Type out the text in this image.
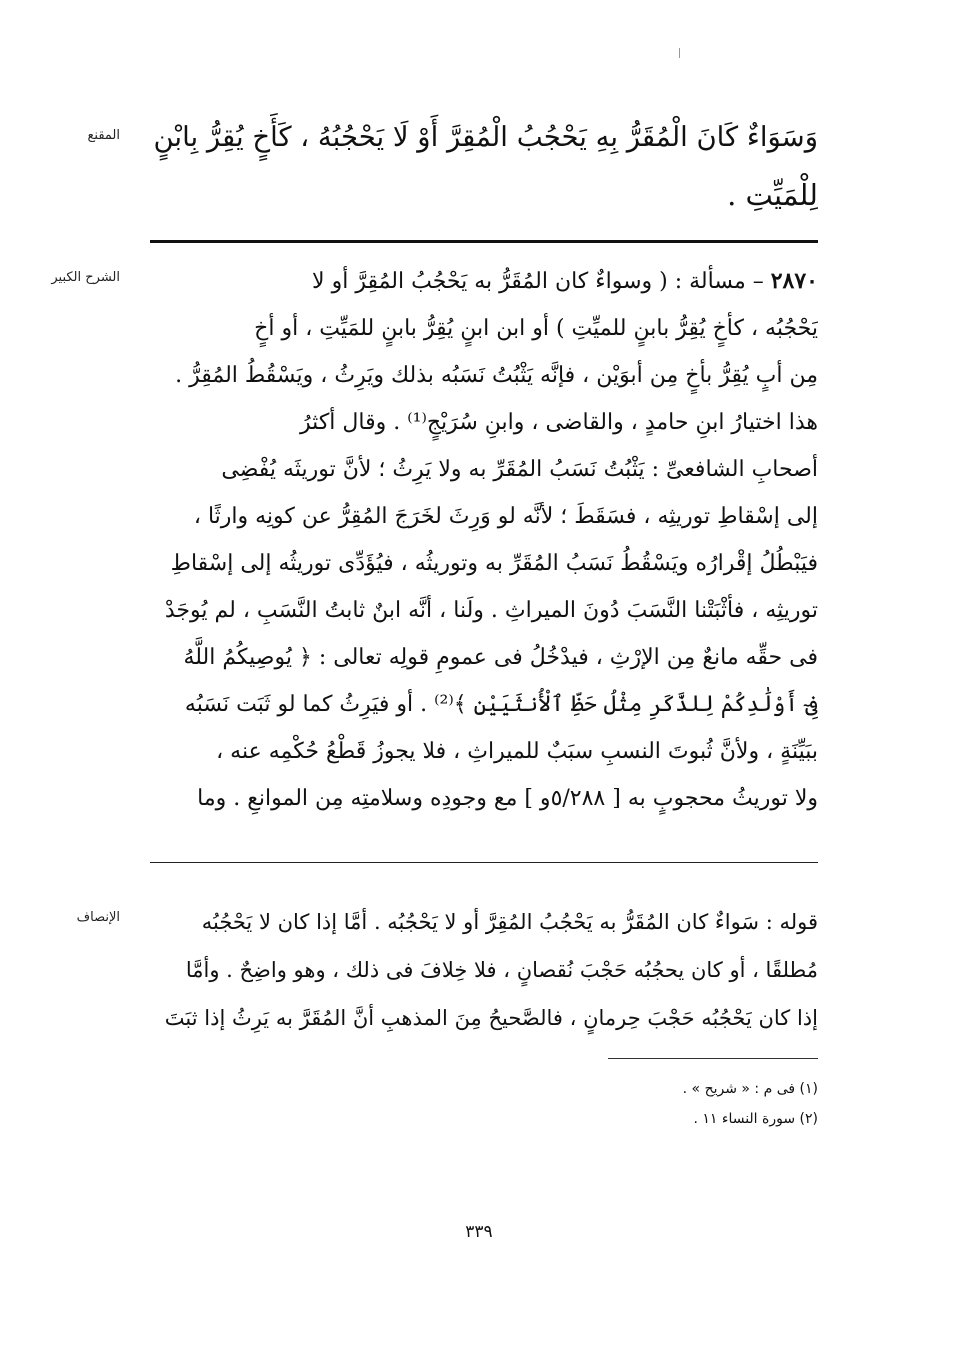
المقنع وَسَوَاءٌ كَانَ الْمُقَرُّ بِهِ يَحْجُبُ الْمُقِرَّ أَوْ لَا يَحْجُبُهُ ، كَأَخٍ يُقِرُّ بِابْنٍ
لِلْمَيِّتِ .
الشرح الكبير	٢٨٧٠ – مسألة : ( وسواءٌ كان المُقَرُّ به يَحْجُبُ المُقِرَّ أو لا
يَحْجُبُه ، كأخٍ يُقِرُّ بابنٍ للميِّتِ ) أو ابن ابنٍ يُقِرُّ بابنٍ للمَيِّتِ ، أو أخٍ
مِن أبٍ يُقِرُّ بأخٍ مِن أبوَيْن ، فإنَّه يَثْبُتُ نَسَبُه بذلك ويَرِثُ ، ويَسْقُطُ المُقِرُّ .
هذا اختيارُ ابنِ حامدٍ ، والقاضى ، وابنِ سُرَيْجٍ⁽¹⁾ . وقال أكثرُ
أصحابِ الشافعىِّ : يَثْبُتُ نَسَبُ المُقَرِّ به ولا يَرِثُ ؛ لأنَّ توريثَه يُفْضِى
إلى إسْقاطِ توريثِه ، فسَقَطَ ؛ لأنَّه لو وَرِثَ لخَرَجَ المُقِرُّ عن كونِه وارثًا ،
فيَبْطُلُ إقْرارُه ويَسْقُطُ نَسَبُ المُقَرِّ به وتوريثُه ، فيُؤَدِّى توريثُه إلى إسْقاطِ
توريثِه ، فأثْبَتْنا النَّسَبَ دُونَ الميراثِ . ولَنا ، أنَّه ابنٌ ثابتُ النَّسَبِ ، لم يُوجَدْ
فى حقِّه مانعٌ مِن الإرْثِ ، فيدْخُلُ فى عمومِ قولِه تعالى : ﴿ يُوصِيكُمُ اللَّهُ
فِىٓ أَوْلَٰدِكُمْ لِلذَّكَرِ مِثْلُ حَظِّ ٱلْأُنثَيَيْنِ ﴾⁽²⁾ . أو فيَرِثُ كما لو ثَبَت نَسَبُه
ببَيِّنَةٍ ، ولأنَّ ثُبوتَ النسبِ سبَبٌ للميراثِ ، فلا يجوزُ قَطْعُ حُكْمِه عنه ،
ولا توريثُ محجوبٍ به [ ٥/٢٨٨و ] مع وجودِه وسلامتِه مِن الموانعِ . وما
الإنصاف	قوله : سَواءٌ كان المُقَرُّ به يَحْجُبُ المُقِرَّ أو لا يَحْجُبُه . أمَّا إذا كان لا يَحْجُبُه
مُطلقًا ، أو كان يحجُبُه حَجْبَ نُقصانٍ ، فلا خِلافَ فى ذلك ، وهو واضِحٌ . وأمَّا
إذا كان يَحْجُبُه حَجْبَ حِرمانٍ ، فالصَّحيحُ مِنَ المذهبِ أنَّ المُقَرَّ به يَرِثُ إذا ثبَتَ
(١) فى م : « شريح » .
(٢) سورة النساء ١١ .
٣٣٩
